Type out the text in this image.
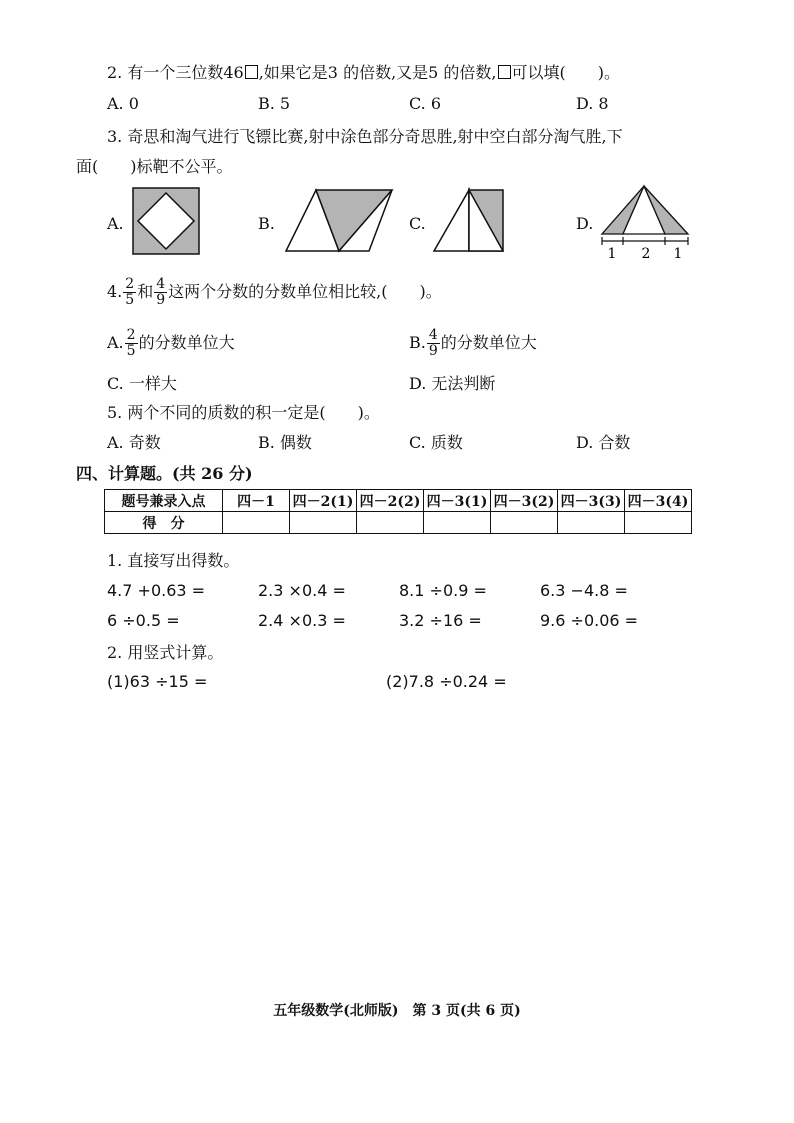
2. 有一个三位数46 ,如果它是3 的倍数,又是5 的倍数, 可以填(　　)。
A. 0	B. 5	C. 6	D. 8
3. 奇思和淘气进行飞镖比赛,射中涂色部分奇思胜,射中空白部分淘气胜,下
面(　　)标靶不公平。
A.	B.	C.	D.
1 2 1
4. $\frac{2}{5}$ 和 $\frac{4}{9}$ 这两个分数的分数单位相比较,(　　)。
A. $\frac{2}{5}$ 的分数单位大	B. $\frac{4}{9}$ 的分数单位大
C. 一样大	D. 无法判断
5. 两个不同的质数的积一定是(　　)。
A. 奇数	B. 偶数	C. 质数	D. 合数
四、计算题。(共 26 分)
题号兼录入点	四－1	四－2(1)	四－2(2)	四－3(1)	四－3(2)	四－3(3)	四－3(4)
得　分							
1. 直接写出得数。
4.7 +0.63 =	2.3 ×0.4 =	8.1 ÷0.9 =	6.3 −4.8 =
6 ÷0.5 =	2.4 ×0.3 =	3.2 ÷16 =	9.6 ÷0.06 =
2. 用竖式计算。
(1)63 ÷15 =	(2)7.8 ÷0.24 =
五年级数学(北师版)　第 3 页(共 6 页)
